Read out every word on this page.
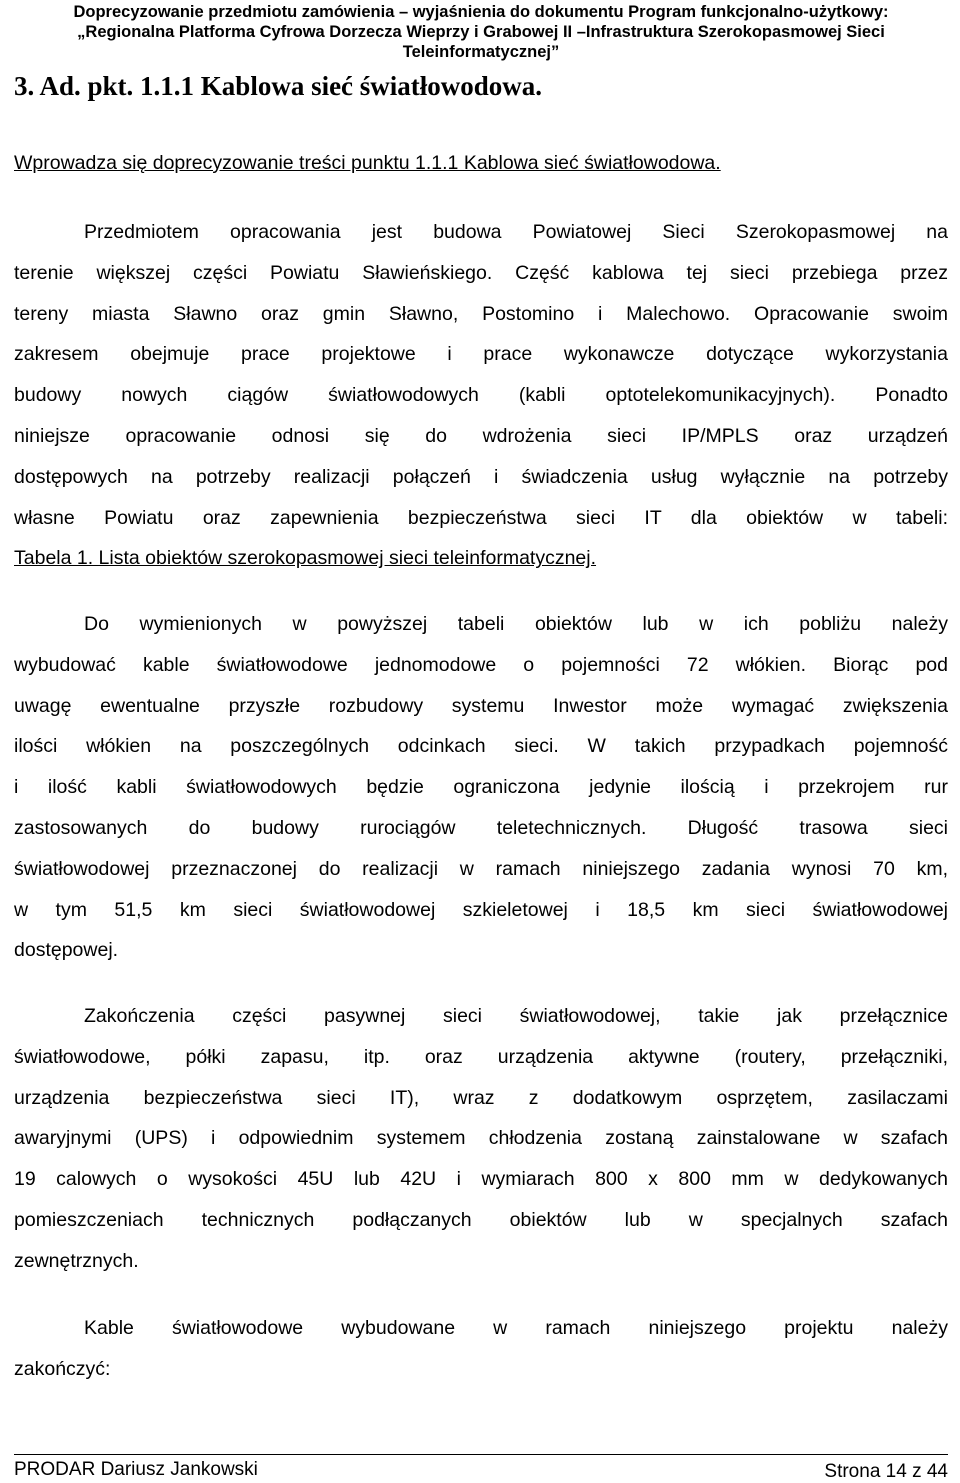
Doprecyzowanie przedmiotu zamówienia – wyjaśnienia do dokumentu Program funkcjonalno-użytkowy:
„Regionalna Platforma Cyfrowa Dorzecza Wieprzy i Grabowej II –Infrastruktura Szerokopasmowej Sieci
Teleinformatycznej”
3. Ad. pkt. 1.1.1 Kablowa sieć światłowodowa.
Wprowadza się doprecyzowanie treści punktu 1.1.1 Kablowa sieć światłowodowa.
Przedmiotem opracowania jest budowa Powiatowej Sieci Szerokopasmowej na
terenie większej części Powiatu Sławieńskiego. Część kablowa tej sieci przebiega przez
tereny miasta Sławno oraz gmin Sławno, Postomino i Malechowo. Opracowanie swoim
zakresem obejmuje prace projektowe i prace wykonawcze dotyczące wykorzystania
budowy nowych ciągów światłowodowych (kabli optotelekomunikacyjnych). Ponadto
niniejsze opracowanie odnosi się do wdrożenia sieci IP/MPLS oraz urządzeń
dostępowych na potrzeby realizacji połączeń i świadczenia usług wyłącznie na potrzeby
własne Powiatu oraz zapewnienia bezpieczeństwa sieci IT dla obiektów w tabeli:
Tabela 1. Lista obiektów szerokopasmowej sieci teleinformatycznej.
Do wymienionych w powyższej tabeli obiektów lub w ich pobliżu należy
wybudować kable światłowodowe jednomodowe o pojemności 72 włókien. Biorąc pod
uwagę ewentualne przyszłe rozbudowy systemu Inwestor może wymagać zwiększenia
ilości włókien na poszczególnych odcinkach sieci. W takich przypadkach pojemność
i ilość kabli światłowodowych będzie ograniczona jedynie ilością i przekrojem rur
zastosowanych do budowy rurociągów teletechnicznych. Długość trasowa sieci
światłowodowej przeznaczonej do realizacji w ramach niniejszego zadania wynosi 70 km,
w tym 51,5 km sieci światłowodowej szkieletowej i 18,5 km sieci światłowodowej
dostępowej.
Zakończenia części pasywnej sieci światłowodowej, takie jak przełącznice
światłowodowe, półki zapasu, itp. oraz urządzenia aktywne (routery, przełączniki,
urządzenia bezpieczeństwa sieci IT), wraz z dodatkowym osprzętem, zasilaczami
awaryjnymi (UPS) i odpowiednim systemem chłodzenia zostaną zainstalowane w szafach
19 calowych o wysokości 45U lub 42U i wymiarach 800 x 800 mm w dedykowanych
pomieszczeniach technicznych podłączanych obiektów lub w specjalnych szafach
zewnętrznych.
Kable światłowodowe wybudowane w ramach niniejszego projektu należy
zakończyć:
PRODAR Dariusz Jankowski	Strona 14 z 44
